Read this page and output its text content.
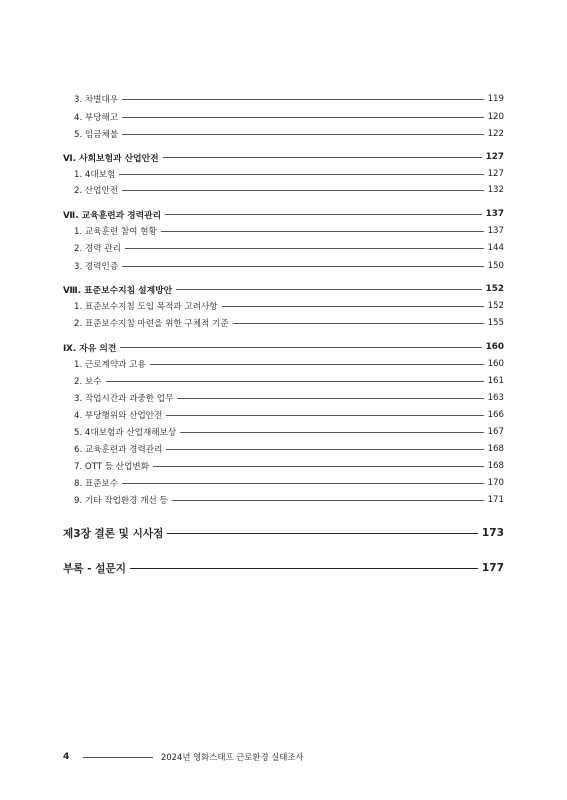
3. 차별대우	119
4. 부당해고	120
5. 임금체불	122
Ⅵ. 사회보험과 산업안전	127
1. 4대보험	127
2. 산업안전	132
Ⅶ. 교육훈련과 경력관리	137
1. 교육훈련 참여 현황	137
2. 경력 관리	144
3. 경력인증	150
Ⅷ. 표준보수지침 설계방안	152
1. 표준보수지침 도입 목적과 고려사항	152
2. 표준보수지침 마련을 위한 구체적 기준	155
Ⅸ. 자유 의견	160
1. 근로계약과 고용	160
2. 보수	161
3. 작업시간과 과중한 업무	163
4. 부당행위와 산업안전	166
5. 4대보험과 산업재해보상	167
6. 교육훈련과 경력관리	168
7. OTT 등 산업변화	168
8. 표준보수	170
9. 기타 작업환경 개선 등	171
제3장 결론 및 시사점	173
부록 - 설문지	177
4	2024년 영화스태프 근로환경 실태조사
